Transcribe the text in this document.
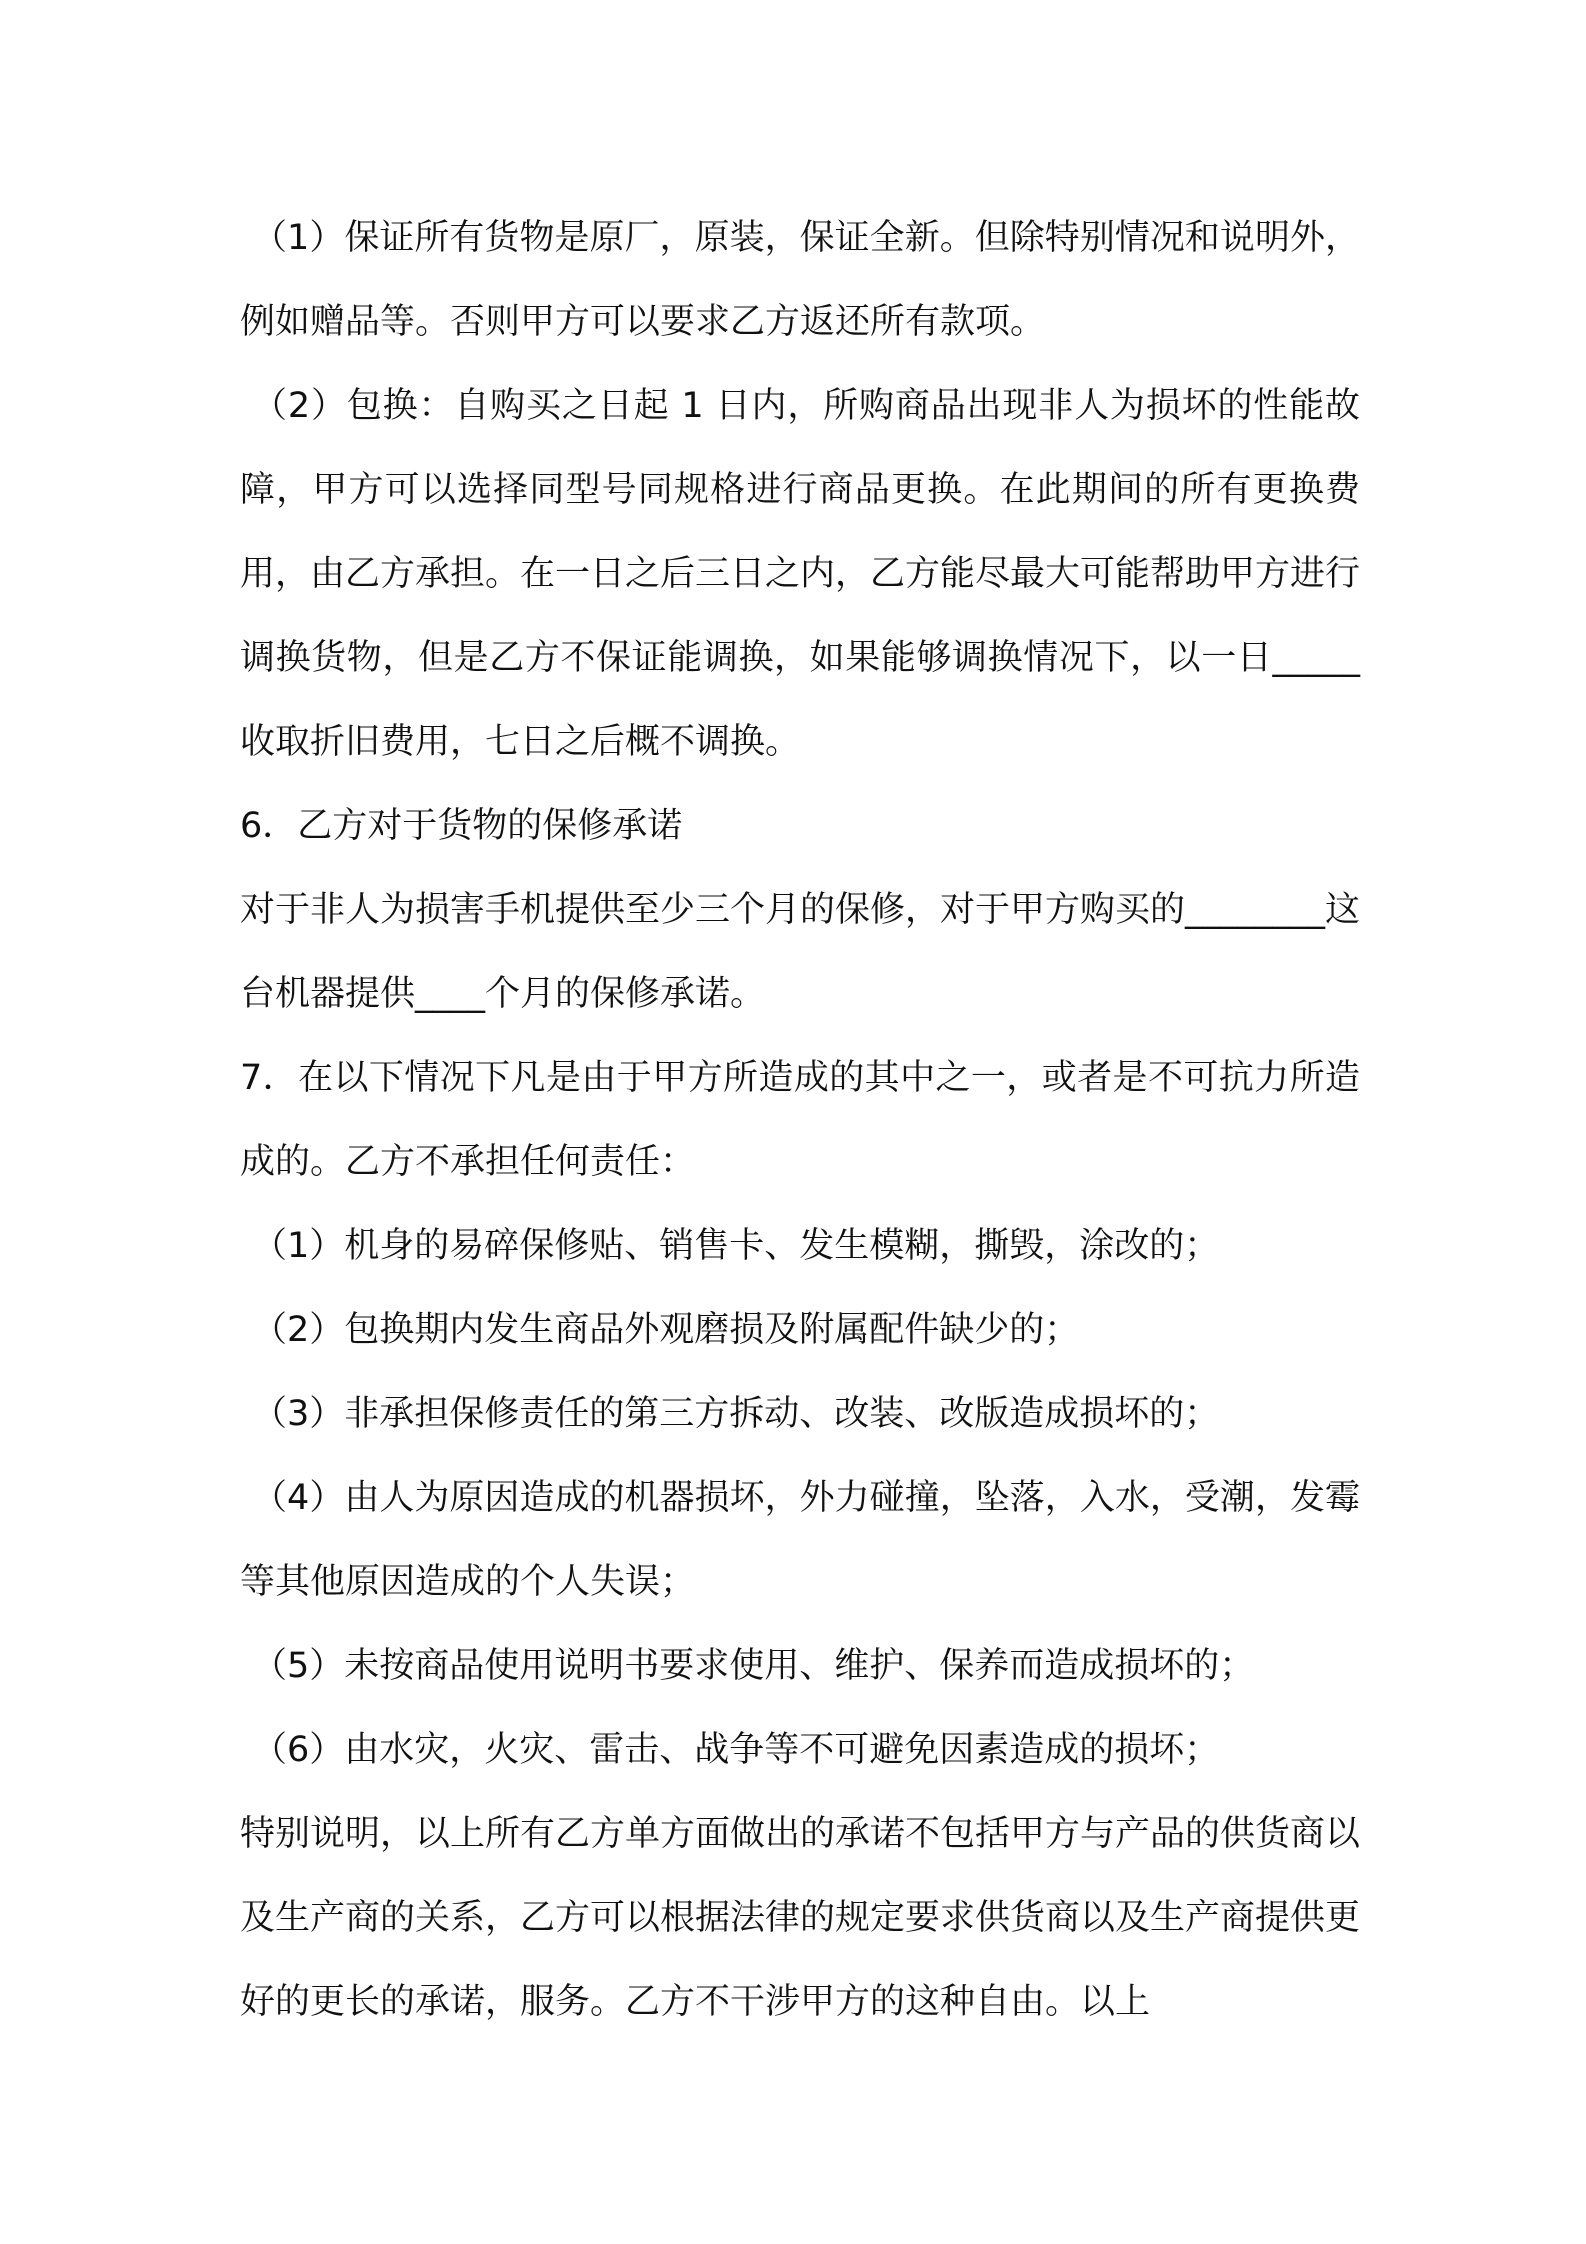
（1）保证所有货物是原厂，原装，保证全新。但除特别情况和说明外，例如赠品等。否则甲方可以要求乙方返还所有款项。

（2）包换：自购买之日起 1 日内，所购商品出现非人为损坏的性能故障，甲方可以选择同型号同规格进行商品更换。在此期间的所有更换费用，由乙方承担。在一日之后三日之内，乙方能尽最大可能帮助甲方进行调换货物，但是乙方不保证能调换，如果能够调换情况下，以一日_____收取折旧费用，七日之后概不调换。

6．乙方对于货物的保修承诺

对于非人为损害手机提供至少三个月的保修，对于甲方购买的________这台机器提供____个月的保修承诺。

7．在以下情况下凡是由于甲方所造成的其中之一，或者是不可抗力所造成的。乙方不承担任何责任：

（1）机身的易碎保修贴、销售卡、发生模糊，撕毁，涂改的；

（2）包换期内发生商品外观磨损及附属配件缺少的；

（3）非承担保修责任的第三方拆动、改装、改版造成损坏的；

（4）由人为原因造成的机器损坏，外力碰撞，坠落，入水，受潮，发霉等其他原因造成的个人失误；

（5）未按商品使用说明书要求使用、维护、保养而造成损坏的；

（6）由水灾，火灾、雷击、战争等不可避免因素造成的损坏；

特别说明，以上所有乙方单方面做出的承诺不包括甲方与产品的供货商以及生产商的关系，乙方可以根据法律的规定要求供货商以及生产商提供更好的更长的承诺，服务。乙方不干涉甲方的这种自由。以上
